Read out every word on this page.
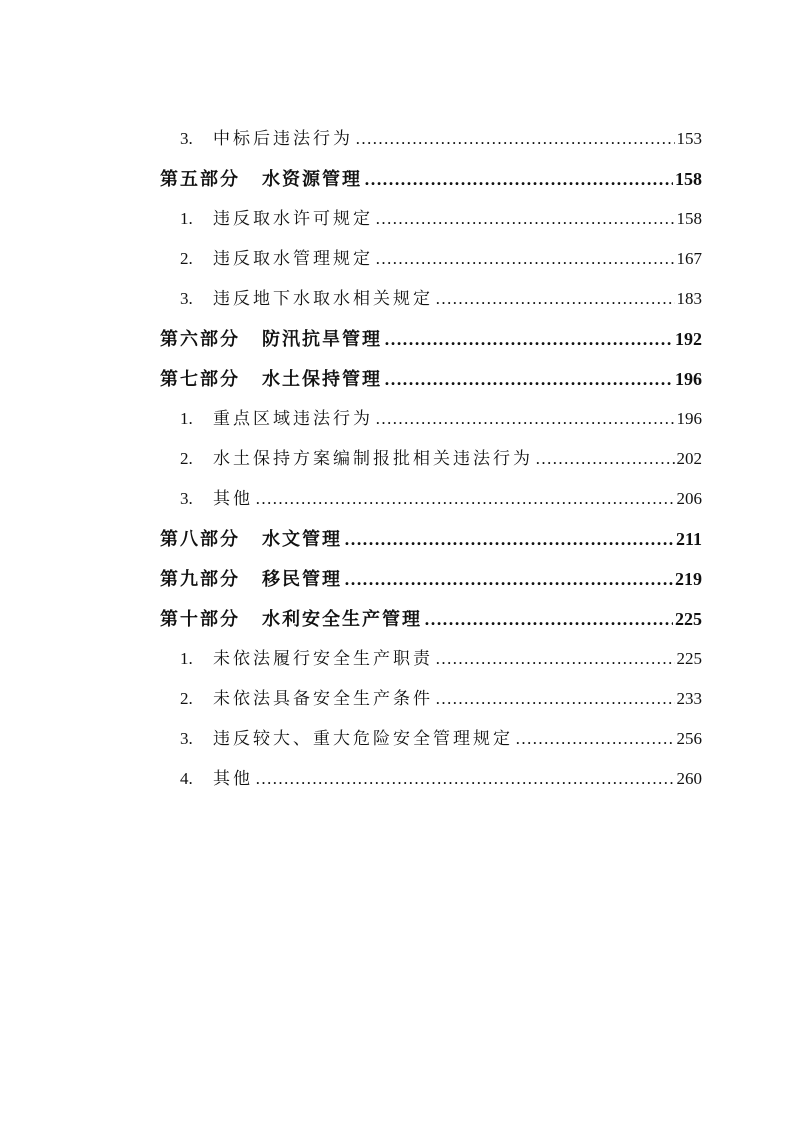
3.	中标后违法行为 ………………………………………………………………………………………………………………………………	153
第五部分 水资源管理 ………………………………………………………………………………………………………………………………	158
1.	违反取水许可规定 ………………………………………………………………………………………………………………………………	158
2.	违反取水管理规定 ………………………………………………………………………………………………………………………………	167
3.	违反地下水取水相关规定 ………………………………………………………………………………………………………………………………	183
第六部分 防汛抗旱管理 ………………………………………………………………………………………………………………………………	192
第七部分 水土保持管理 ………………………………………………………………………………………………………………………………	196
1.	重点区域违法行为 ………………………………………………………………………………………………………………………………	196
2.	水土保持方案编制报批相关违法行为 ………………………………………………………………………………………………………………………………	202
3.	其他 ………………………………………………………………………………………………………………………………	206
第八部分 水文管理 ………………………………………………………………………………………………………………………………	211
第九部分 移民管理 ………………………………………………………………………………………………………………………………	219
第十部分 水利安全生产管理 ………………………………………………………………………………………………………………………………	225
1.	未依法履行安全生产职责 ………………………………………………………………………………………………………………………………	225
2.	未依法具备安全生产条件 ………………………………………………………………………………………………………………………………	233
3.	违反较大、重大危险安全管理规定 ………………………………………………………………………………………………………………………………	256
4.	其他 ………………………………………………………………………………………………………………………………	260
